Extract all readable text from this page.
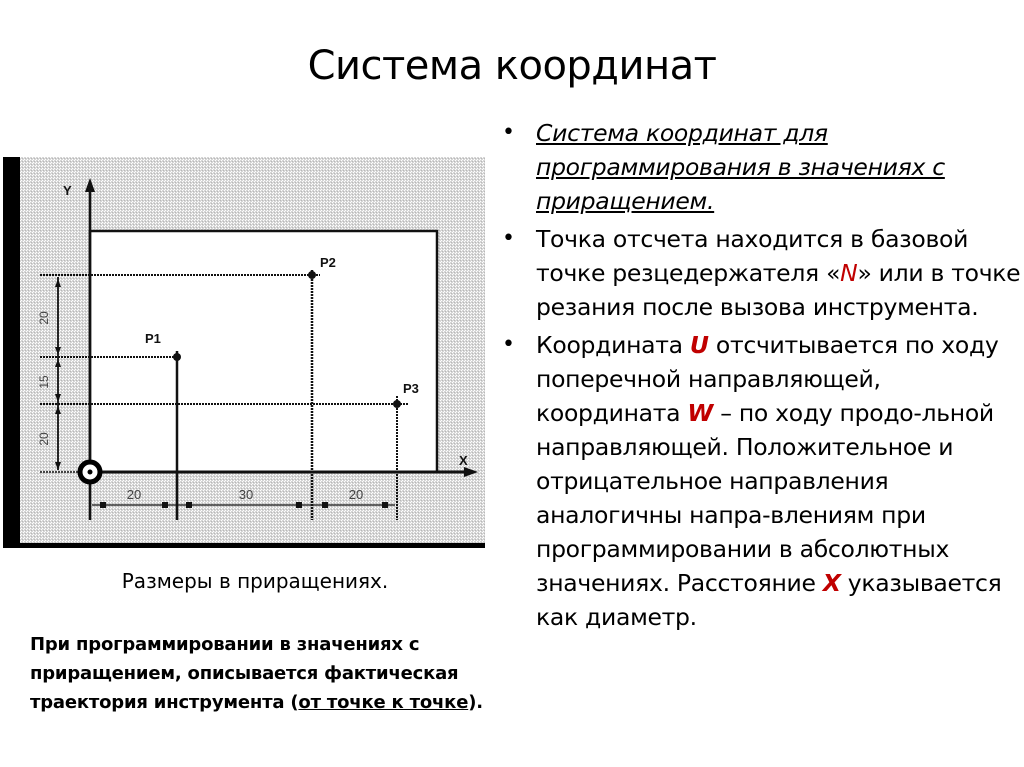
Система координат
Y
X
P1
P2
P3
20
15
20
20	30	20
Размеры в приращениях.
При программировании в значениях с приращением, описывается фактическая траектория инструмента (от точке к точке).
• Система координат для программирования в значениях с приращением.
• Точка отсчета находится в базовой точке резцедержателя «N» или в точке резания после вызова инструмента.
• Координата U отсчитывается по ходу поперечной направляющей, координата W – по ходу продо-льной направляющей. Положительное и отрицательное направления аналогичны напра-влениям при программировании в абсолютных значениях. Расстояние X указывается как диаметр.
